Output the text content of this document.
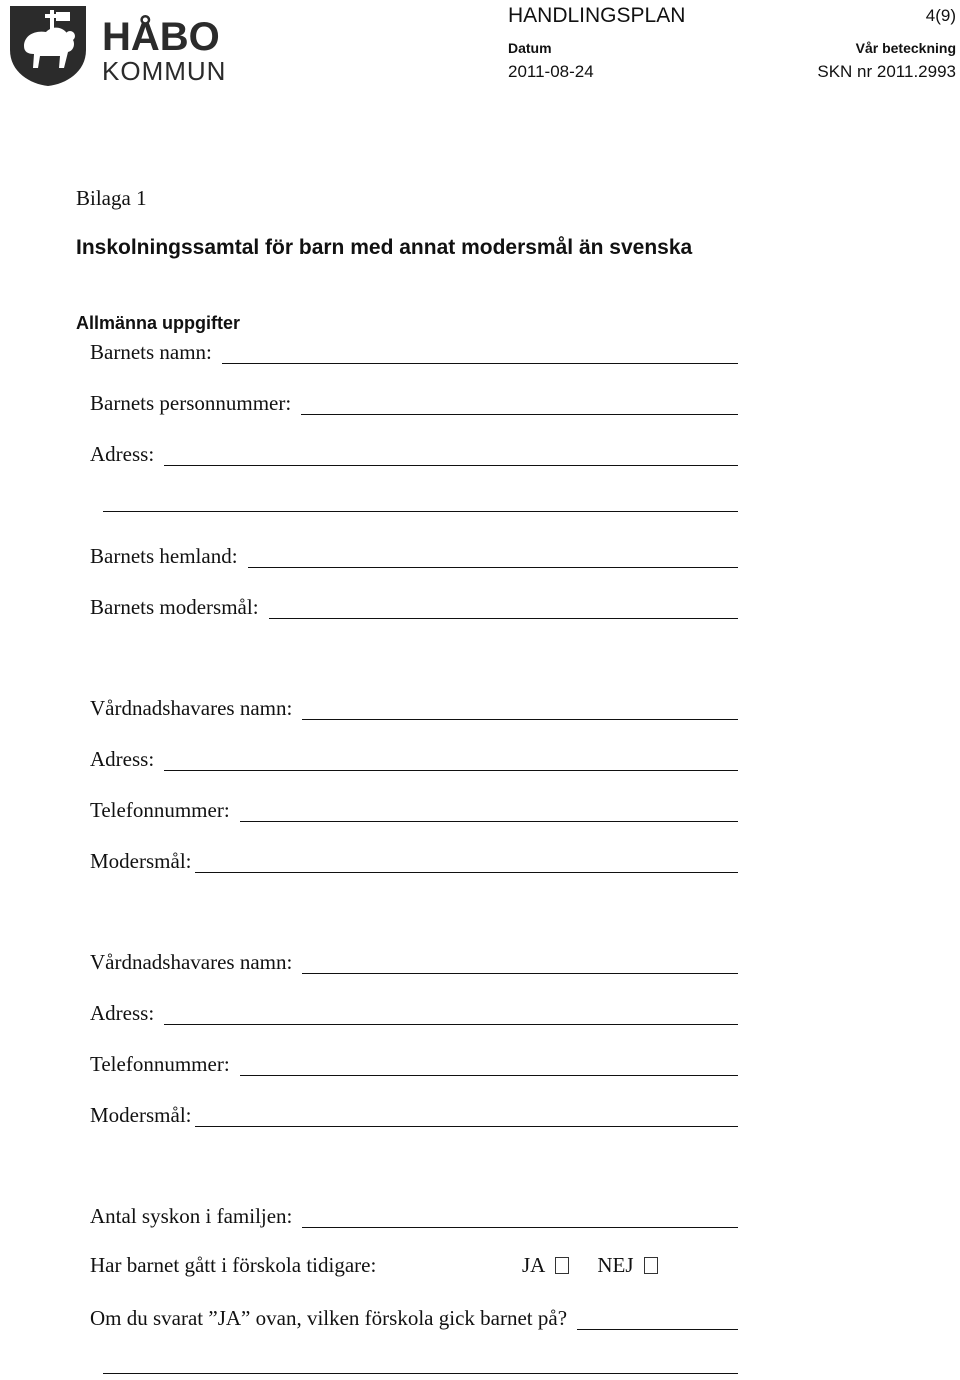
HÅBO
KOMMUN
HANDLINGSPLAN	4(9)
Datum
2011-08-24
Vår beteckning
SKN nr 2011.2993
Bilaga 1
Inskolningssamtal för barn med annat modersmål än svenska
Allmänna uppgifter
Barnets namn:
Barnets personnummer:
Adress:
Barnets hemland:
Barnets modersmål:
Vårdnadshavares namn:
Adress:
Telefonnummer:
Modersmål:
Vårdnadshavares namn:
Adress:
Telefonnummer:
Modersmål:
Antal syskon i familjen:
Har barnet gått i förskola tidigare:	JA NEJ
Om du svarat ”JA” ovan, vilken förskola gick barnet på?
